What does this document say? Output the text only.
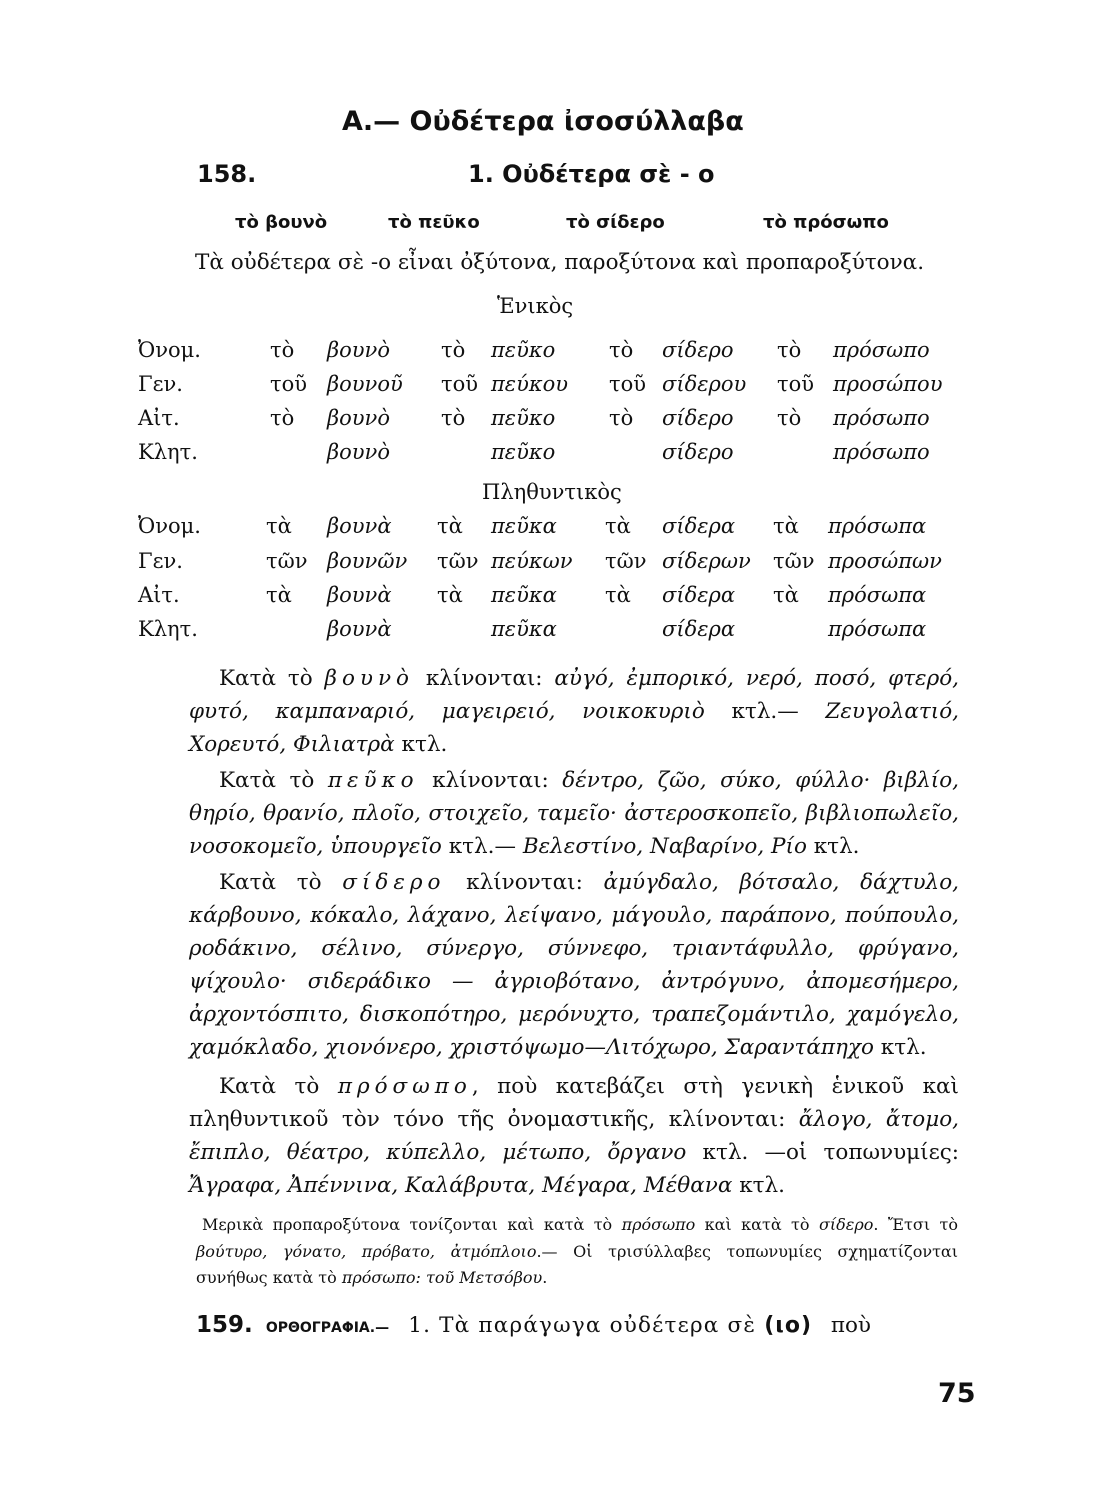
Α.— Οὐδέτερα ἰσοσύλλαβα
158.	1. Οὐδέτερα σὲ - ο
τὸ βουνὸ	τὸ πεῦκο	τὸ σίδερο	τὸ πρόσωπο
Τὰ οὐδέτερα σὲ -ο εἶναι ὀξύτονα, παροξύτονα καὶ προπαροξύτονα.
Ἑνικὸς
Ὀνομ.	τὸ βουνὸ τὸ πεῦκο	τὸ σίδερο τὸ πρόσωπο
Γεν.	τοῦ βουνοῦ τοῦ πεύκου τοῦ σίδερου τοῦ προσώπου
Αἰτ.	τὸ βουνὸ τὸ πεῦκο	τὸ σίδερο τὸ πρόσωπο
Κλητ.	βουνὸ	πεῦκο	σίδερο	πρόσωπο
Πληθυντικὸς
Ὀνομ.	τὰ βουνὰ τὰ πεῦκα τὰ σίδερα τὰ πρόσωπα
Γεν.	τῶν βουνῶν τῶν πεύκων τῶν σίδερων τῶν προσώπων
Αἰτ.	τὰ βουνὰ τὰ πεῦκα τὰ σίδερα τὰ πρόσωπα
Κλητ.	βουνὰ	πεῦκα	σίδερα	πρόσωπα

Κατὰ τὸ βουνὸ κλίνονται: αὐγό, ἐμπορικό, νερό, ποσό, φτερό, φυτό, καμπαναριό, μαγειρειό, νοικοκυριὸ κτλ.— Ζευγολατιό, Χορευτό, Φιλιατρὰ κτλ.

Κατὰ τὸ πεῦκο κλίνονται: δέντρο, ζῶο, σύκο, φύλλο· βιβλίο, θηρίο, θρανίο, πλοῖο, στοιχεῖο, ταμεῖο· ἀστεροσκοπεῖο, βιβλιοπωλεῖο, νοσοκομεῖο, ὑπουργεῖο κτλ.— Βελεστίνο, Ναβαρίνο, Ρίο κτλ.

Κατὰ τὸ σίδερο κλίνονται: ἀμύγδαλο, βότσαλο, δάχτυλο, κάρβουνο, κόκαλο, λάχανο, λείψανο, μάγουλο, παράπονο, πούπουλο, ροδάκινο, σέλινο, σύνεργο, σύννεφο, τριαντάφυλλο, φρύγανο, ψίχουλο· σιδεράδικο — ἀγριοβότανο, ἀντρόγυνο, ἀπομεσήμερο, ἀρχοντόσπιτο, δισκοπότηρο, μερόνυχτο, τραπεζομάντιλο, χαμόγελο, χαμόκλαδο, χιονόνερο, χριστόψωμο—Λιτόχωρο, Σαραντάπηχο κτλ.

Κατὰ τὸ πρόσωπο, ποὺ κατεβάζει στὴ γενικὴ ἑνικοῦ καὶ πληθυντικοῦ τὸν τόνο τῆς ὀνομαστικῆς, κλίνονται: ἄλογο, ἄτομο, ἔπιπλο, θέατρο, κύπελλο, μέτωπο, ὄργανο κτλ. —οἱ τοπωνυμίες: Ἄγραφα, Ἀπέννινα, Καλάβρυτα, Μέγαρα, Μέθανα κτλ.

Μερικὰ προπαροξύτονα τονίζονται καὶ κατὰ τὸ πρόσωπο καὶ κατὰ τὸ σίδερο. Ἔτσι τὸ βούτυρο, γόνατο, πρόβατο, ἀτμόπλοιο.— Οἱ τρισύλλαβες τοπωνυμίες σχηματίζονται συνήθως κατὰ τὸ πρόσωπο: τοῦ Μετσόβου.
159. ΟΡΘΟΓΡΑΦΙΑ.— 1. Τὰ παράγωγα οὐδέτερα σὲ (ιο) ποὺ
75
